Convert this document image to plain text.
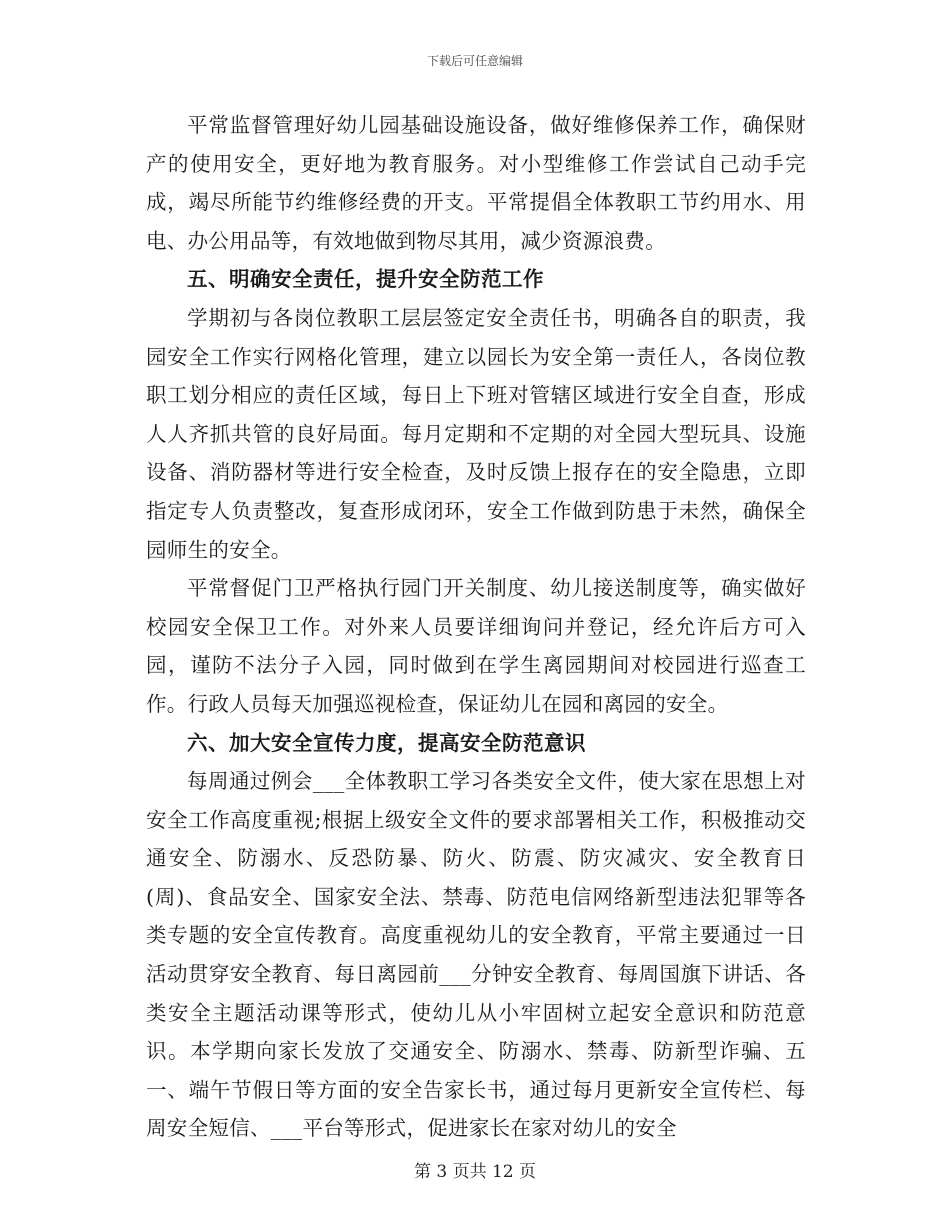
下载后可任意编辑

平常监督管理好幼儿园基础设施设备，做好维修保养工作，确保财产的使用安全，更好地为教育服务。对小型维修工作尝试自己动手完成，竭尽所能节约维修经费的开支。平常提倡全体教职工节约用水、用电、办公用品等，有效地做到物尽其用，减少资源浪费。

五、明确安全责任，提升安全防范工作

学期初与各岗位教职工层层签定安全责任书，明确各自的职责，我园安全工作实行网格化管理，建立以园长为安全第一责任人，各岗位教职工划分相应的责任区域，每日上下班对管辖区域进行安全自查，形成人人齐抓共管的良好局面。每月定期和不定期的对全园大型玩具、设施设备、消防器材等进行安全检查，及时反馈上报存在的安全隐患，立即指定专人负责整改，复查形成闭环，安全工作做到防患于未然，确保全园师生的安全。

平常督促门卫严格执行园门开关制度、幼儿接送制度等，确实做好校园安全保卫工作。对外来人员要详细询问并登记，经允许后方可入园，谨防不法分子入园，同时做到在学生离园期间对校园进行巡查工作。行政人员每天加强巡视检查，保证幼儿在园和离园的安全。

六、加大安全宣传力度，提高安全防范意识

每周通过例会___全体教职工学习各类安全文件，使大家在思想上对安全工作高度重视;根据上级安全文件的要求部署相关工作，积极推动交通安全、防溺水、反恐防暴、防火、防震、防灾减灾、安全教育日(周)、食品安全、国家安全法、禁毒、防范电信网络新型违法犯罪等各类专题的安全宣传教育。高度重视幼儿的安全教育，平常主要通过一日活动贯穿安全教育、每日离园前___分钟安全教育、每周国旗下讲话、各类安全主题活动课等形式，使幼儿从小牢固树立起安全意识和防范意识。本学期向家长发放了交通安全、防溺水、禁毒、防新型诈骗、五一、端午节假日等方面的安全告家长书，通过每月更新安全宣传栏、每周安全短信、___平台等形式，促进家长在家对幼儿的安全

第 3 页共 12 页
